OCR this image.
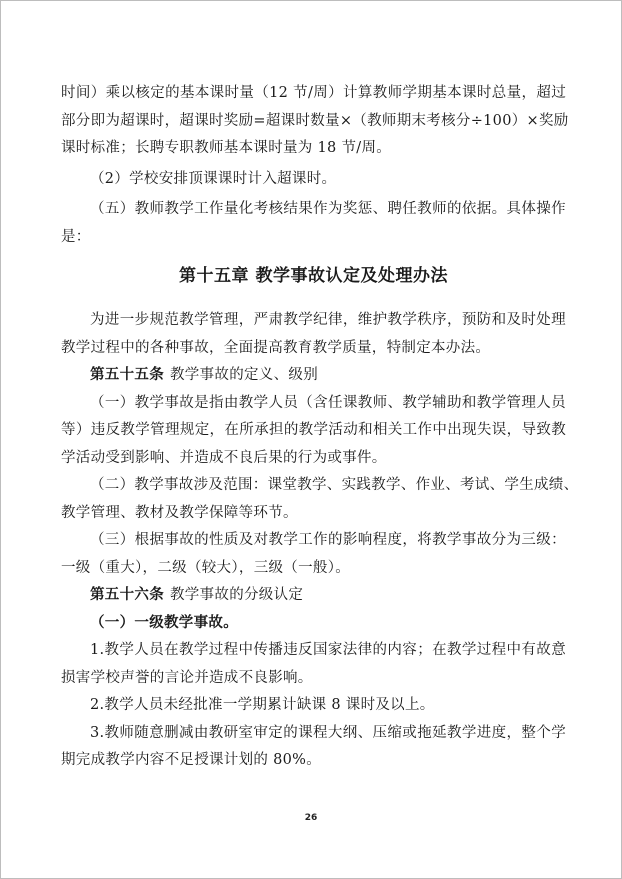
时间）乘以核定的基本课时量（12 节/周）计算教师学期基本课时总量，超过
部分即为超课时，超课时奖励=超课时数量×（教师期末考核分÷100）×奖励
课时标准；长聘专职教师基本课时量为 18 节/周。
（2）学校安排顶课课时计入超课时。
（五）教师教学工作量化考核结果作为奖惩、聘任教师的依据。具体操作
是：
第十五章 教学事故认定及处理办法
为进一步规范教学管理，严肃教学纪律，维护教学秩序，预防和及时处理
教学过程中的各种事故，全面提高教育教学质量，特制定本办法。
第五十五条 教学事故的定义、级别
（一）教学事故是指由教学人员（含任课教师、教学辅助和教学管理人员
等）违反教学管理规定，在所承担的教学活动和相关工作中出现失误，导致教
学活动受到影响、并造成不良后果的行为或事件。
（二）教学事故涉及范围：课堂教学、实践教学、作业、考试、学生成绩、
教学管理、教材及教学保障等环节。
（三）根据事故的性质及对教学工作的影响程度，将教学事故分为三级：
一级（重大），二级（较大），三级（一般）。
第五十六条 教学事故的分级认定
（一）一级教学事故。
1.教学人员在教学过程中传播违反国家法律的内容；在教学过程中有故意
损害学校声誉的言论并造成不良影响。
2.教学人员未经批准一学期累计缺课 8 课时及以上。
3.教师随意删减由教研室审定的课程大纲、压缩或拖延教学进度，整个学
期完成教学内容不足授课计划的 80%。
26
